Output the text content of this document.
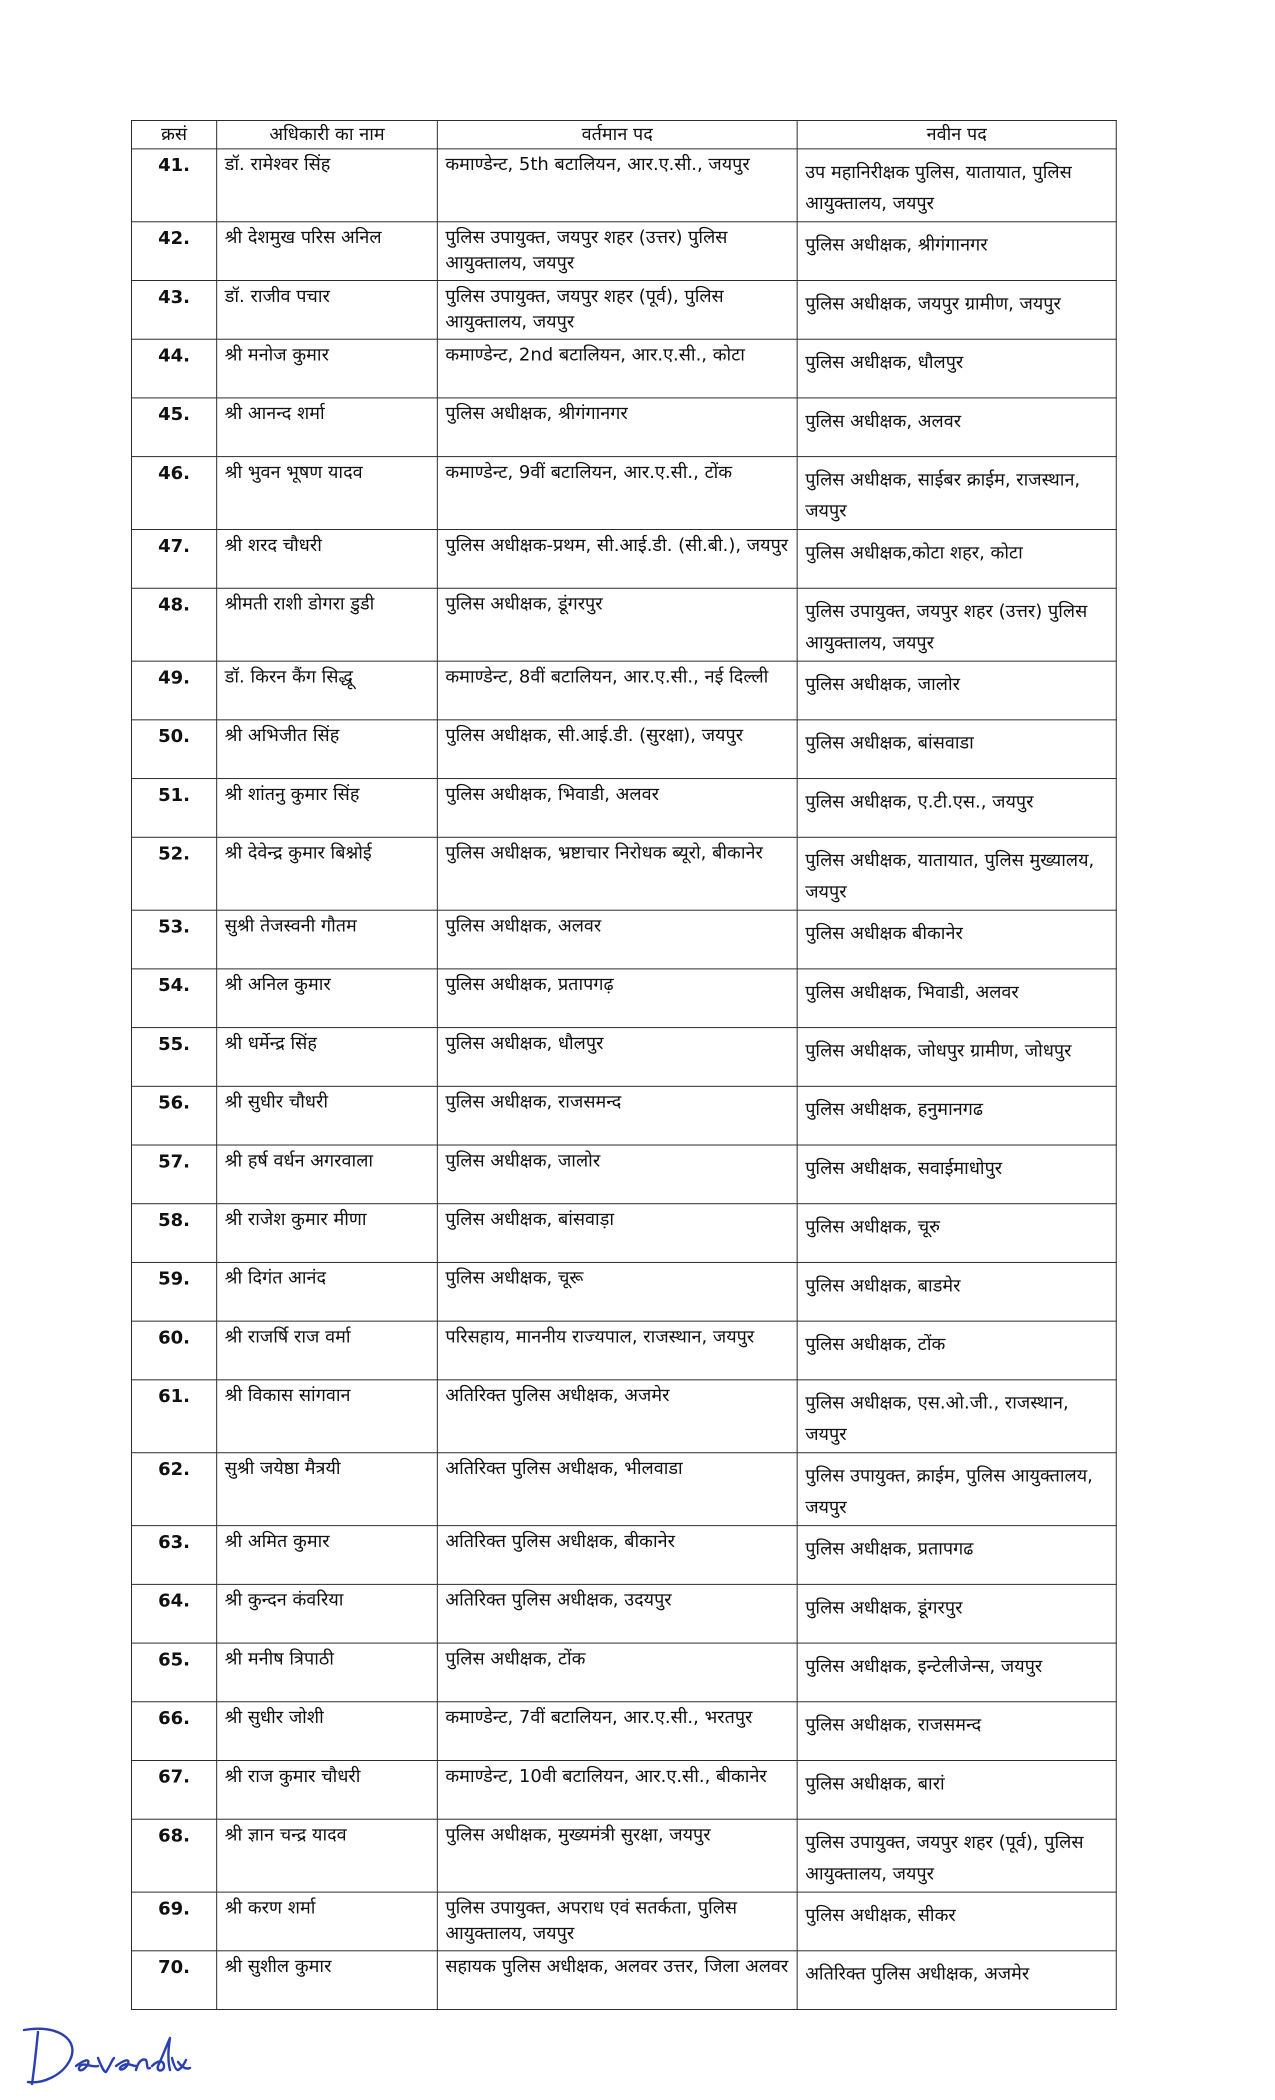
क्रसं	अधिकारी का नाम	वर्तमान पद	नवीन पद
41.	डॉ. रामेश्वर सिंह	कमाण्डेन्ट, 5th बटालियन, आर.ए.सी., जयपुर	उप महानिरीक्षक पुलिस, यातायात, पुलिस आयुक्तालय, जयपुर
42.	श्री देशमुख परिस अनिल	पुलिस उपायुक्त, जयपुर शहर (उत्तर) पुलिस आयुक्तालय, जयपुर	पुलिस अधीक्षक, श्रीगंगानगर
43.	डॉ. राजीव पचार	पुलिस उपायुक्त, जयपुर शहर (पूर्व), पुलिस आयुक्तालय, जयपुर	पुलिस अधीक्षक, जयपुर ग्रामीण, जयपुर
44.	श्री मनोज कुमार	कमाण्डेन्ट, 2nd बटालियन, आर.ए.सी., कोटा	पुलिस अधीक्षक, धौलपुर
45.	श्री आनन्द शर्मा	पुलिस अधीक्षक, श्रीगंगानगर	पुलिस अधीक्षक, अलवर
46.	श्री भुवन भूषण यादव	कमाण्डेन्ट, 9वीं बटालियन, आर.ए.सी., टोंक	पुलिस अधीक्षक, साईबर क्राईम, राजस्थान, जयपुर
47.	श्री शरद चौधरी	पुलिस अधीक्षक-प्रथम, सी.आई.डी. (सी.बी.), जयपुर	पुलिस अधीक्षक,कोटा शहर, कोटा
48.	श्रीमती राशी डोगरा डुडी	पुलिस अधीक्षक, डूंगरपुर	पुलिस उपायुक्त, जयपुर शहर (उत्तर) पुलिस आयुक्तालय, जयपुर
49.	डॉ. किरन कैंग सिद्धू	कमाण्डेन्ट, 8वीं बटालियन, आर.ए.सी., नई दिल्ली	पुलिस अधीक्षक, जालोर
50.	श्री अभिजीत सिंह	पुलिस अधीक्षक, सी.आई.डी. (सुरक्षा), जयपुर	पुलिस अधीक्षक, बांसवाडा
51.	श्री शांतनु कुमार सिंह	पुलिस अधीक्षक, भिवाडी, अलवर	पुलिस अधीक्षक, ए.टी.एस., जयपुर
52.	श्री देवेन्द्र कुमार बिश्नोई	पुलिस अधीक्षक, भ्रष्टाचार निरोधक ब्यूरो, बीकानेर	पुलिस अधीक्षक, यातायात, पुलिस मुख्यालय, जयपुर
53.	सुश्री तेजस्वनी गौतम	पुलिस अधीक्षक, अलवर	पुलिस अधीक्षक बीकानेर
54.	श्री अनिल कुमार	पुलिस अधीक्षक, प्रतापगढ़	पुलिस अधीक्षक, भिवाडी, अलवर
55.	श्री धर्मेन्द्र सिंह	पुलिस अधीक्षक, धौलपुर	पुलिस अधीक्षक, जोधपुर ग्रामीण, जोधपुर
56.	श्री सुधीर चौधरी	पुलिस अधीक्षक, राजसमन्द	पुलिस अधीक्षक, हनुमानगढ
57.	श्री हर्ष वर्धन अगरवाला	पुलिस अधीक्षक, जालोर	पुलिस अधीक्षक, सवाईमाधोपुर
58.	श्री राजेश कुमार मीणा	पुलिस अधीक्षक, बांसवाड़ा	पुलिस अधीक्षक, चूरु
59.	श्री दिगंत आनंद	पुलिस अधीक्षक, चूरू	पुलिस अधीक्षक, बाडमेर
60.	श्री राजर्षि राज वर्मा	परिसहाय, माननीय राज्यपाल, राजस्थान, जयपुर	पुलिस अधीक्षक, टोंक
61.	श्री विकास सांगवान	अतिरिक्त पुलिस अधीक्षक, अजमेर	पुलिस अधीक्षक, एस.ओ.जी., राजस्थान, जयपुर
62.	सुश्री जयेष्ठा मैत्रयी	अतिरिक्त पुलिस अधीक्षक, भीलवाडा	पुलिस उपायुक्त, क्राईम, पुलिस आयुक्तालय, जयपुर
63.	श्री अमित कुमार	अतिरिक्त पुलिस अधीक्षक, बीकानेर	पुलिस अधीक्षक, प्रतापगढ
64.	श्री कुन्दन कंवरिया	अतिरिक्त पुलिस अधीक्षक, उदयपुर	पुलिस अधीक्षक, डूंगरपुर
65.	श्री मनीष त्रिपाठी	पुलिस अधीक्षक, टोंक	पुलिस अधीक्षक, इन्टेलीजेन्स, जयपुर
66.	श्री सुधीर जोशी	कमाण्डेन्ट, 7वीं बटालियन, आर.ए.सी., भरतपुर	पुलिस अधीक्षक, राजसमन्द
67.	श्री राज कुमार चौधरी	कमाण्डेन्ट, 10वी बटालियन, आर.ए.सी., बीकानेर	पुलिस अधीक्षक, बारां
68.	श्री ज्ञान चन्द्र यादव	पुलिस अधीक्षक, मुख्यमंत्री सुरक्षा, जयपुर	पुलिस उपायुक्त, जयपुर शहर (पूर्व), पुलिस आयुक्तालय, जयपुर
69.	श्री करण शर्मा	पुलिस उपायुक्त, अपराध एवं सतर्कता, पुलिस आयुक्तालय, जयपुर	पुलिस अधीक्षक, सीकर
70.	श्री सुशील कुमार	सहायक पुलिस अधीक्षक, अलवर उत्तर, जिला अलवर	अतिरिक्त पुलिस अधीक्षक, अजमेर
